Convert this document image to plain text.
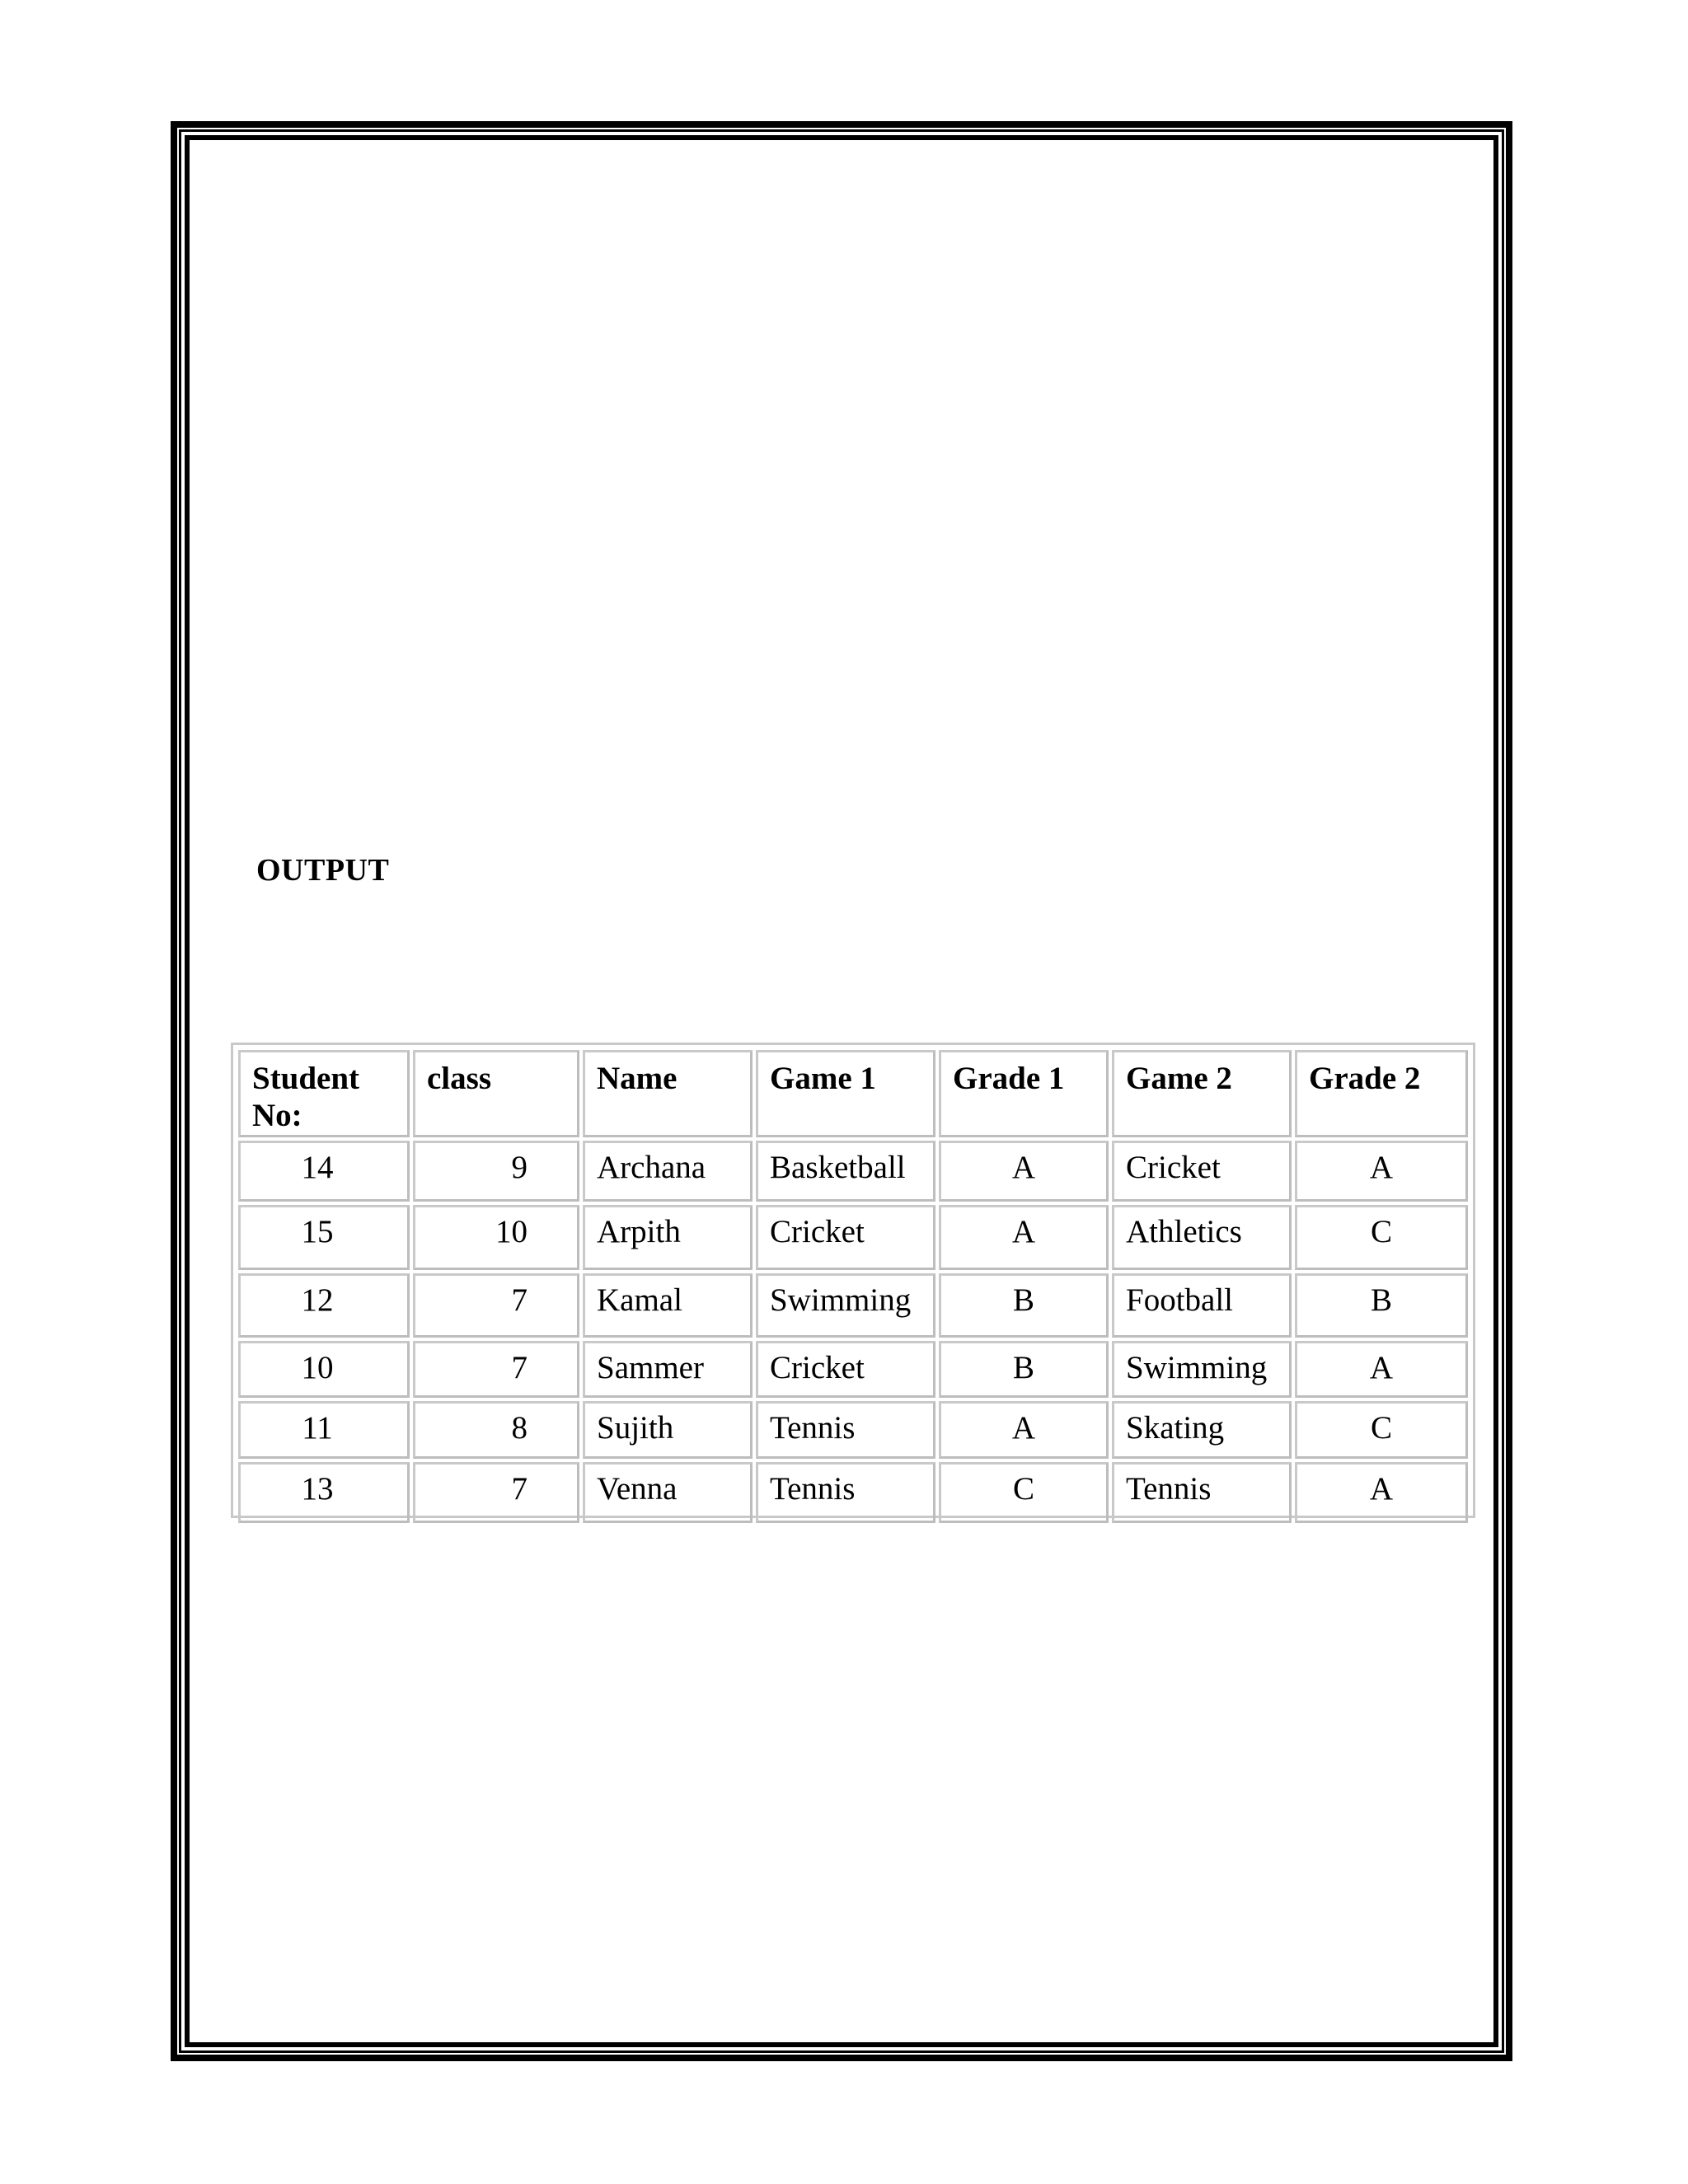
OUTPUT
Student No:	class	Name	Game 1	Grade 1	Game 2	Grade 2
14	9	Archana	Basketball	A	Cricket	A
15	10	Arpith	Cricket	A	Athletics	C
12	7	Kamal	Swimming	B	Football	B
10	7	Sammer	Cricket	B	Swimming	A
11	8	Sujith	Tennis	A	Skating	C
13	7	Venna	Tennis	C	Tennis	A
